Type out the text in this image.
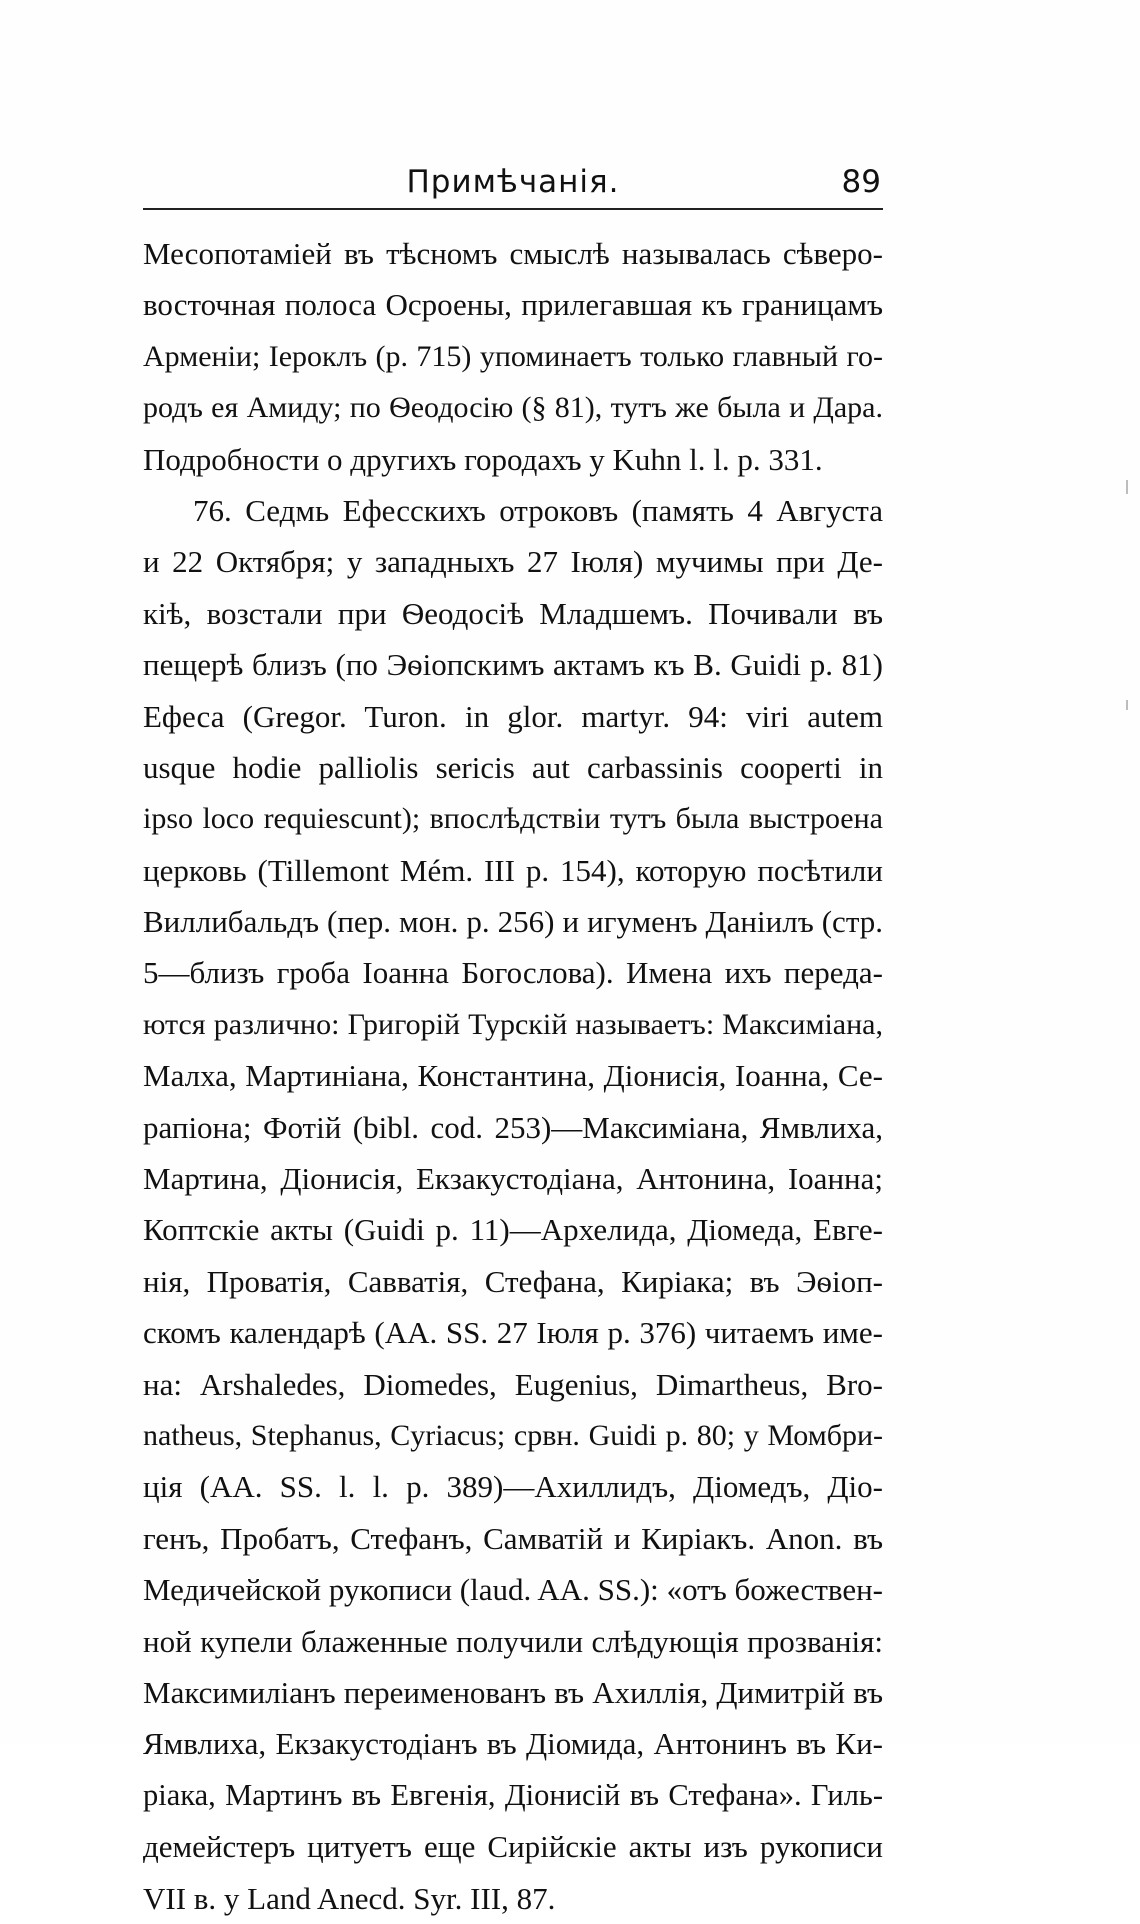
Примѣчанія.	89
Месопотаміей въ тѣсномъ смыслѣ называлась сѣверо-
восточная полоса Осроены, прилегавшая къ границамъ
Арменіи; Іероклъ (р. 715) упоминаетъ только главный го-
родъ ея Амиду; по Ѳеодосію (§ 81), тутъ же была и Дара.
Подробности о другихъ городахъ у Kuhn l. l. p. 331.
76. Седмь Ефесскихъ отроковъ (память 4 Августа
и 22 Октября; у западныхъ 27 Іюля) мучимы при Де-
кіѣ, возстали при Ѳеодосіѣ Младшемъ. Почивали въ
пещерѣ близъ (по Эѳіопскимъ актамъ къ B. Guidi p. 81)
Ефеса (Gregor. Turon. in glor. martyr. 94: viri autem
usque hodie palliolis sericis aut carbassinis cooperti in
ipso loco requiescunt); впослѣдствіи тутъ была выстроена
церковь (Tillemont Mém. III p. 154), которую посѣтили
Виллибальдъ (пер. мон. р. 256) и игуменъ Даніилъ (стр.
5—близъ гроба Іоанна Богослова). Имена ихъ переда-
ются различно: Григорій Турскій называетъ: Максиміана,
Малха, Мартиніана, Константина, Діонисія, Іоанна, Се-
рапіона; Фотій (bibl. cod. 253)—Максиміана, Ямвлиха,
Мартина, Діонисія, Екзакустодіана, Антонина, Іоанна;
Коптскіе акты (Guidi p. 11)—Архелида, Діомеда, Евге-
нія, Проватія, Савватія, Стефана, Киріака; въ Эѳіоп-
скомъ календарѣ (AA. SS. 27 Іюля р. 376) читаемъ име-
на: Arshaledes, Diomedes, Eugenius, Dimartheus, Bro-
natheus, Stephanus, Cyriacus; срвн. Guidi p. 80; у Момбри-
ція (AA. SS. l. l. p. 389)—Ахиллидъ, Діомедъ, Діо-
генъ, Пробатъ, Стефанъ, Самватій и Киріакъ. Anon. въ
Медичейской рукописи (laud. AA. SS.): «отъ божествен-
ной купели блаженные получили слѣдующія прозванія:
Максимиліанъ переименованъ въ Ахиллія, Димитрій въ
Ямвлиха, Екзакустодіанъ въ Діомида, Антонинъ въ Ки-
ріака, Мартинъ въ Евгенія, Діонисій въ Стефана». Гиль-
демейстеръ цитуетъ еще Сирійскіе акты изъ рукописи
VII в. у Land Anecd. Syr. III, 87.
